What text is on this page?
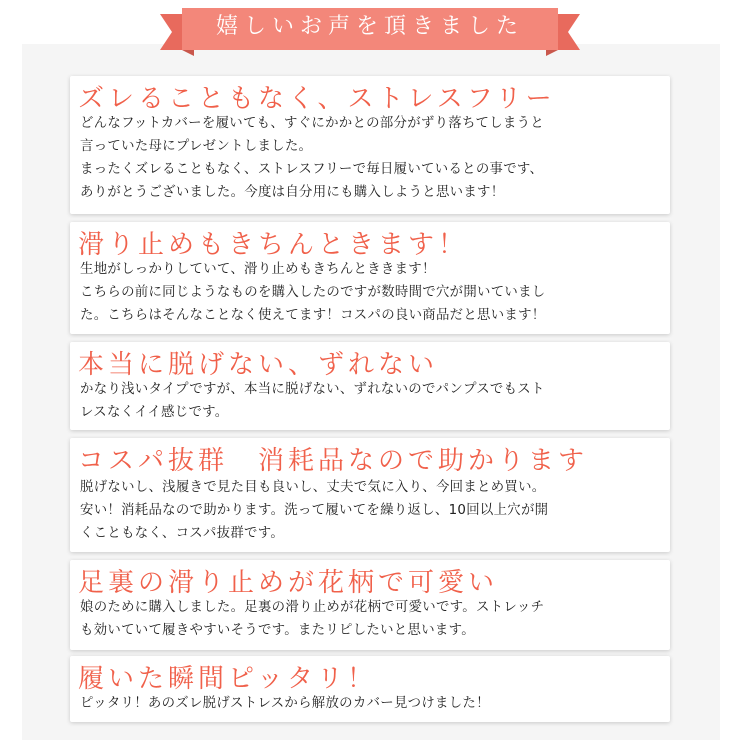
嬉しいお声を頂きました
ズレることもなく、ストレスフリー
どんなフットカバーを履いても、すぐにかかとの部分がずり落ちてしまうと
言っていた母にプレゼントしました。
まったくズレることもなく、ストレスフリーで毎日履いているとの事です、
ありがとうございました。今度は自分用にも購入しようと思います！
滑り止めもきちんときます！
生地がしっかりしていて、滑り止めもきちんとききます！
こちらの前に同じようなものを購入したのですが数時間で穴が開いていまし
た。こちらはそんなことなく使えてます！コスパの良い商品だと思います！
本当に脱げない、ずれない
かなり浅いタイプですが、本当に脱げない、ずれないのでパンプスでもスト
レスなくイイ感じです。
コスパ抜群　消耗品なので助かります
脱げないし、浅履きで見た目も良いし、丈夫で気に入り、今回まとめ買い。
安い！消耗品なので助かります。洗って履いてを繰り返し、10回以上穴が開
くこともなく、コスパ抜群です。
足裏の滑り止めが花柄で可愛い
娘のために購入しました。足裏の滑り止めが花柄で可愛いです。ストレッチ
も効いていて履きやすいそうです。またリピしたいと思います。
履いた瞬間ピッタリ！
ピッタリ！あのズレ脱げストレスから解放のカバー見つけました！
